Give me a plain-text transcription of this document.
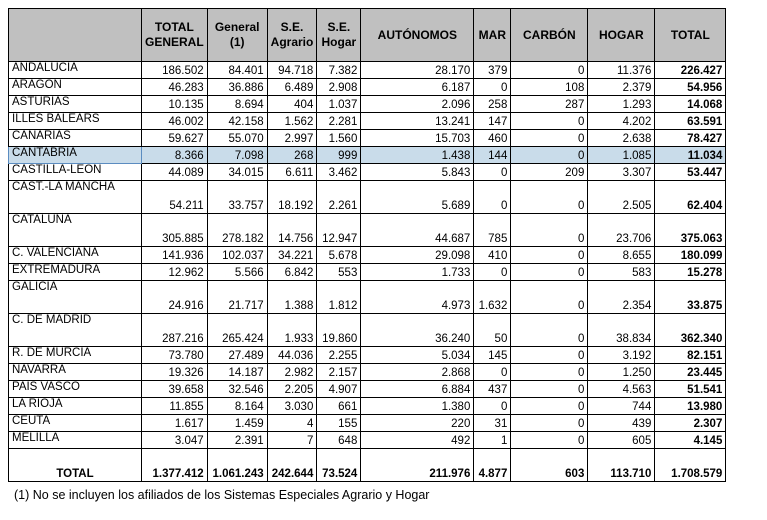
	TOTAL GENERAL	General (1)	S.E. Agrario	S.E. Hogar	AUTÓNOMOS	MAR	CARBÓN	HOGAR	TOTAL
ANDALUCÍA	186.502	84.401	94.718	7.382	28.170	379	0	11.376	226.427
ARAGÓN	46.283	36.886	6.489	2.908	6.187	0	108	2.379	54.956
ASTURIAS	10.135	8.694	404	1.037	2.096	258	287	1.293	14.068
ILLES BALEARS	46.002	42.158	1.562	2.281	13.241	147	0	4.202	63.591
CANARIAS	59.627	55.070	2.997	1.560	15.703	460	0	2.638	78.427
CANTABRIA	8.366	7.098	268	999	1.438	144	0	1.085	11.034
CASTILLA-LEÓN	44.089	34.015	6.611	3.462	5.843	0	209	3.307	53.447
CAST.-LA MANCHA	54.211	33.757	18.192	2.261	5.689	0	0	2.505	62.404
CATALUÑA	305.885	278.182	14.756	12.947	44.687	785	0	23.706	375.063
C. VALENCIANA	141.936	102.037	34.221	5.678	29.098	410	0	8.655	180.099
EXTREMADURA	12.962	5.566	6.842	553	1.733	0	0	583	15.278
GALICIA	24.916	21.717	1.388	1.812	4.973	1.632	0	2.354	33.875
C. DE MADRID	287.216	265.424	1.933	19.860	36.240	50	0	38.834	362.340
R. DE MURCIA	73.780	27.489	44.036	2.255	5.034	145	0	3.192	82.151
NAVARRA	19.326	14.187	2.982	2.157	2.868	0	0	1.250	23.445
PAÍS VASCO	39.658	32.546	2.205	4.907	6.884	437	0	4.563	51.541
LA RIOJA	11.855	8.164	3.030	661	1.380	0	0	744	13.980
CEUTA	1.617	1.459	4	155	220	31	0	439	2.307
MELILLA	3.047	2.391	7	648	492	1	0	605	4.145
TOTAL	1.377.412	1.061.243	242.644	73.524	211.976	4.877	603	113.710	1.708.579
(1) No se incluyen los afiliados de los Sistemas Especiales Agrario y Hogar
